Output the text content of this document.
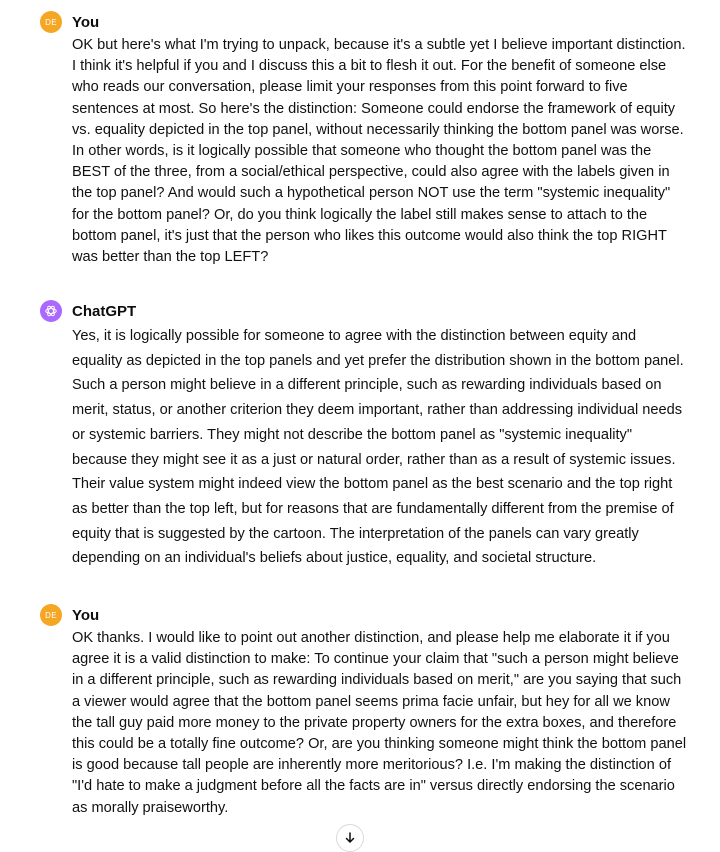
DE You
OK but here's what I'm trying to unpack, because it's a subtle yet I believe important distinction. I think it's helpful if you and I discuss this a bit to flesh it out. For the benefit of someone else who reads our conversation, please limit your responses from this point forward to five sentences at most. So here's the distinction: Someone could endorse the framework of equity vs. equality depicted in the top panel, without necessarily thinking the bottom panel was worse. In other words, is it logically possible that someone who thought the bottom panel was the BEST of the three, from a social/ethical perspective, could also agree with the labels given in the top panel? And would such a hypothetical person NOT use the term "systemic inequality" for the bottom panel? Or, do you think logically the label still makes sense to attach to the bottom panel, it's just that the person who likes this outcome would also think the top RIGHT was better than the top LEFT?
ChatGPT
Yes, it is logically possible for someone to agree with the distinction between equity and equality as depicted in the top panels and yet prefer the distribution shown in the bottom panel. Such a person might believe in a different principle, such as rewarding individuals based on merit, status, or another criterion they deem important, rather than addressing individual needs or systemic barriers. They might not describe the bottom panel as "systemic inequality" because they might see it as a just or natural order, rather than as a result of systemic issues. Their value system might indeed view the bottom panel as the best scenario and the top right as better than the top left, but for reasons that are fundamentally different from the premise of equity that is suggested by the cartoon. The interpretation of the panels can vary greatly depending on an individual's beliefs about justice, equality, and societal structure.
DE You
OK thanks. I would like to point out another distinction, and please help me elaborate it if you agree it is a valid distinction to make: To continue your claim that "such a person might believe in a different principle, such as rewarding individuals based on merit," are you saying that such a viewer would agree that the bottom panel seems prima facie unfair, but hey for all we know the tall guy paid more money to the private property owners for the extra boxes, and therefore this could be a totally fine outcome? Or, are you thinking someone might think the bottom panel is good because tall people are inherently more meritorious? I.e. I'm making the distinction of "I'd hate to make a judgment before all the facts are in" versus directly endorsing the scenario as morally praiseworthy.
